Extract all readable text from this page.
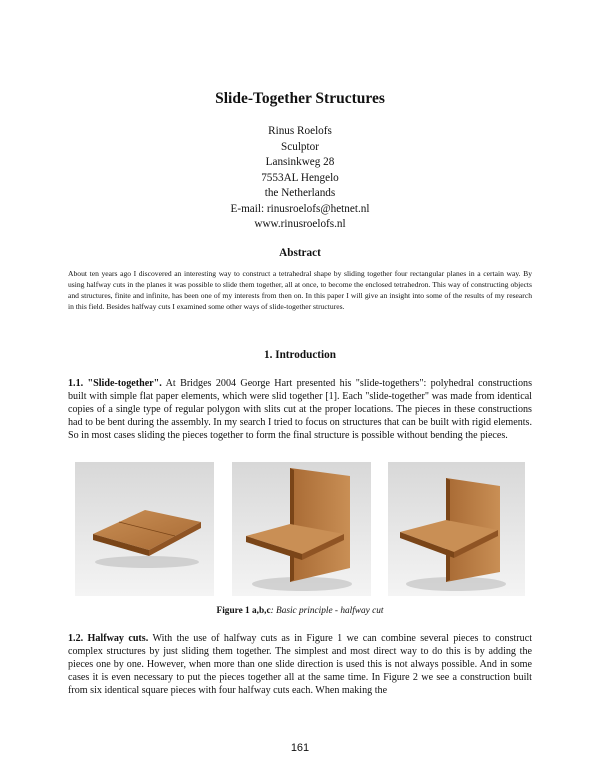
Slide-Together Structures
Rinus Roelofs
Sculptor
Lansinkweg 28
7553AL Hengelo
the Netherlands
E-mail: rinusroelofs@hetnet.nl
www.rinusroelofs.nl
Abstract
About ten years ago I discovered an interesting way to construct a tetrahedral shape by sliding together four rectangular planes in a certain way. By using halfway cuts in the planes it was possible to slide them together, all at once, to become the enclosed tetrahedron. This way of constructing objects and structures, finite and infinite, has been one of my interests from then on. In this paper I will give an insight into some of the results of my research in this field. Besides halfway cuts I examined some other ways of slide-together structures.
1. Introduction
1.1. "Slide-together". At Bridges 2004 George Hart presented his "slide-togethers": polyhedral constructions built with simple flat paper elements, which were slid together [1]. Each "slide-together" was made from identical copies of a single type of regular polygon with slits cut at the proper locations. The pieces in these constructions had to be bent during the assembly. In my search I tried to focus on structures that can be built with rigid elements. So in most cases sliding the pieces together to form the final structure is possible without bending the pieces.
Figure 1 a,b,c: Basic principle - halfway cut
1.2. Halfway cuts. With the use of halfway cuts as in Figure 1 we can combine several pieces to construct complex structures by just sliding them together. The simplest and most direct way to do this is by adding the pieces one by one. However, when more than one slide direction is used this is not always possible. And in some cases it is even necessary to put the pieces together all at the same time. In Figure 2 we see a construction built from six identical square pieces with four halfway cuts each. When making the
161
